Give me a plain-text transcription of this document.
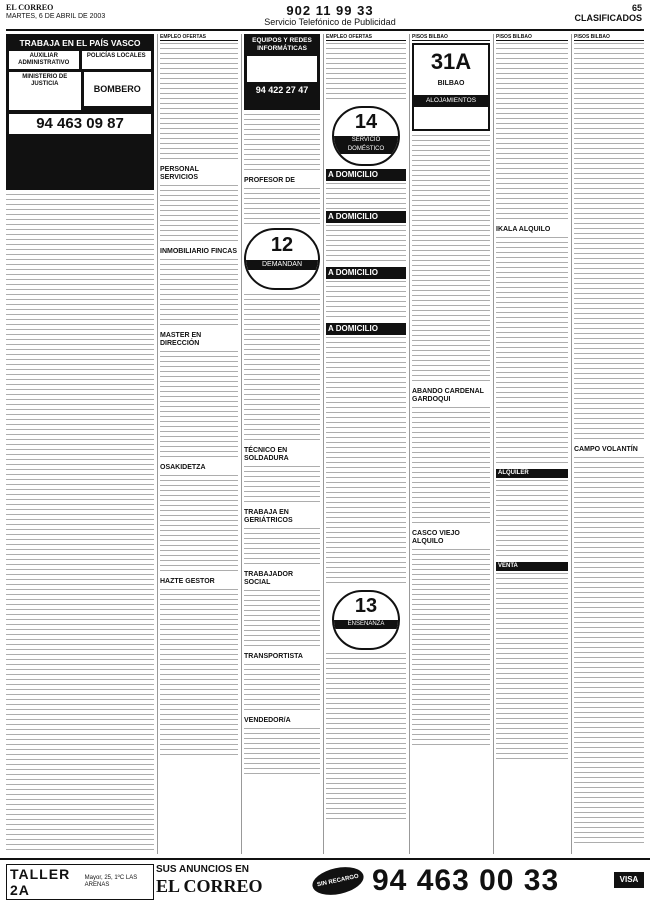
EL CORREO
MARTES, 6 DE ABRIL DE 2003	902 11 99 33
Servicio Telefónico de Publicidad
65
CLASIFICADOS
TRABAJA EN EL PAÍS VASCO
AUXILIAR ADMINISTRATIVO
POLICÍAS LOCALES
MINISTERIO DE JUSTICIA	BOMBERO
94 463 09 87
EMPLEO OFERTAS
PERSONAL SERVICIOS
INMOBILIARIO FINCAS
MASTER EN DIRECCIÓN
OSAKIDETZA
HAZTE GESTOR
EQUIPOS Y REDES INFORMÁTICAS
94 422 27 47
PROFESOR DE
12
DEMANDAN
TÉCNICO EN SOLDADURA
TRABAJA EN GERIÁTRICOS
TRABAJADOR SOCIAL
TRANSPORTISTA
VENDEDOR/A
EMPLEO OFERTAS
14
SERVICIO DOMÉSTICO
A DOMICILIO
A DOMICILIO
A DOMICILIO
A DOMICILIO
13
ENSEÑANZA
PISOS BILBAO
31A
BILBAO
ALOJAMIENTOS
ABANDO CARDENAL GARDOQUI
CASCO VIEJO ALQUILO
PISOS BILBAO
IKALA ALQUILO
ALQUILER
VENTA
PISOS BILBAO
CAMPO VOLANTÍN
TALLER 2A
Mayor, 25, 1ºC LAS ARENAS
SUS ANUNCIOS EN
EL CORREO	SIN RECARGO 94 463 00 33	VISA
